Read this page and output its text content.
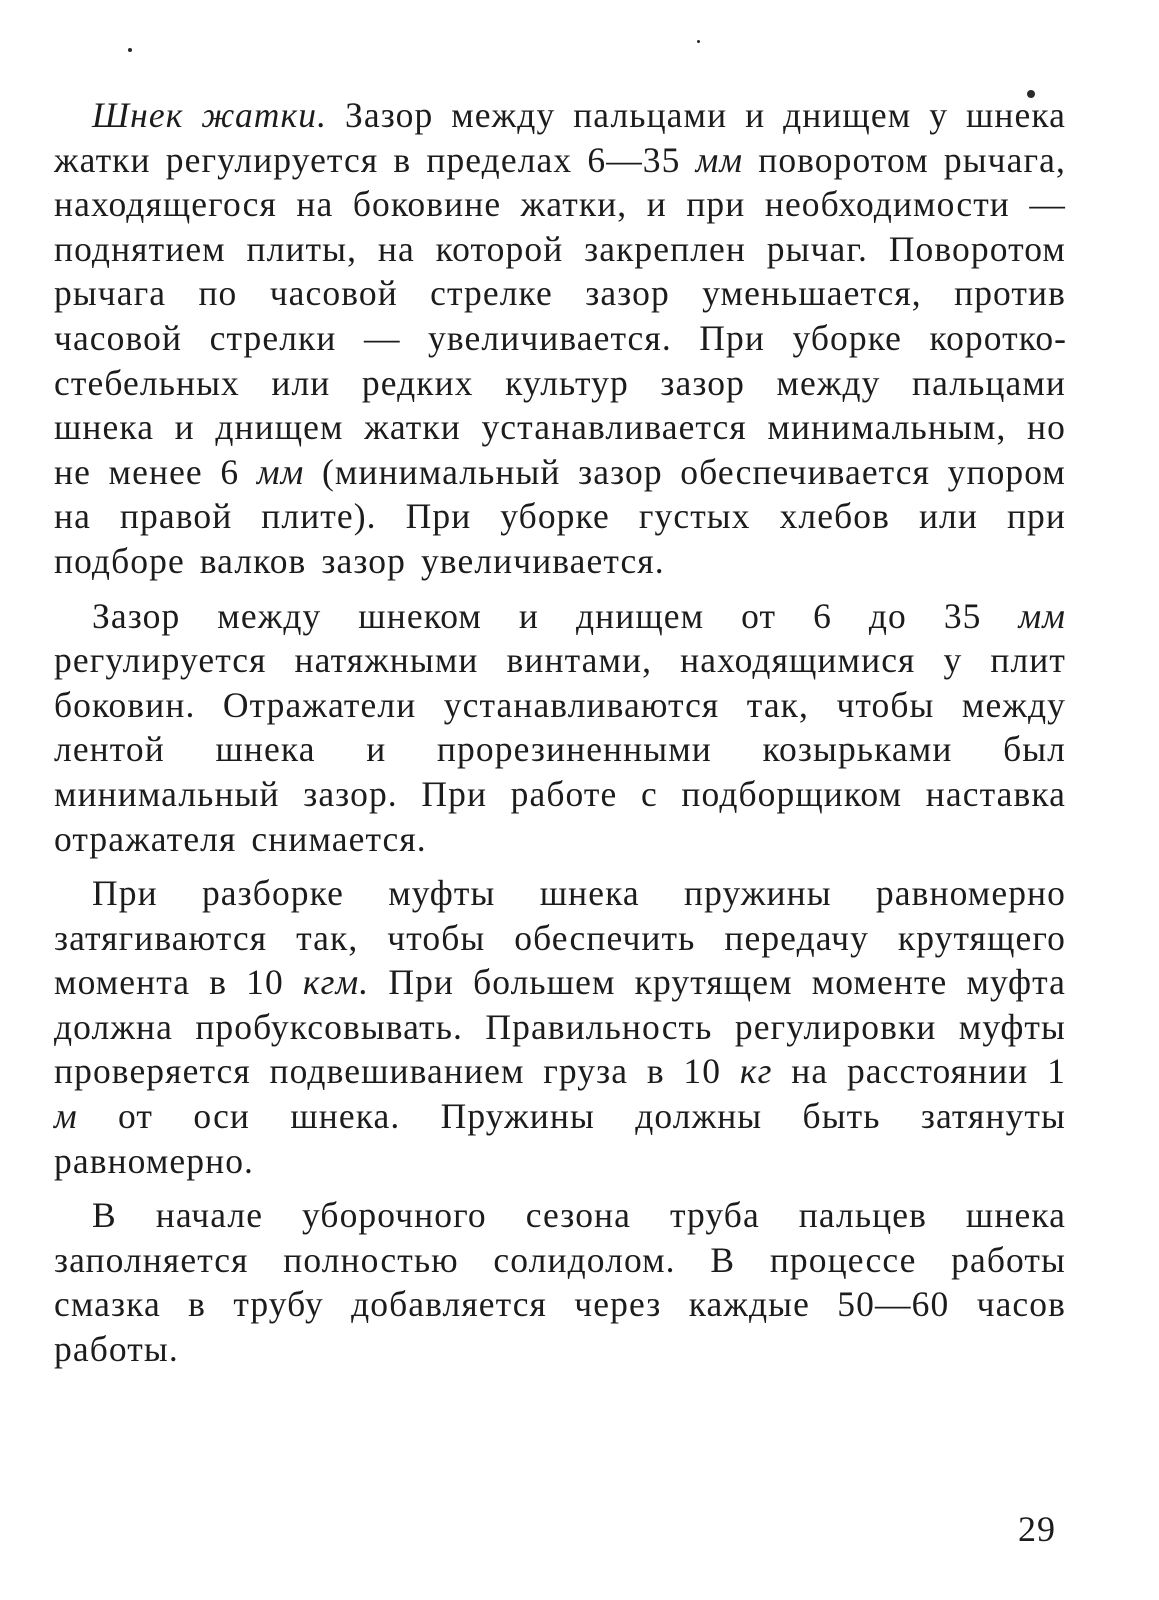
Шнек жатки. Зазор между пальцами и днищем у шнека жатки регулируется в пределах 6—35 мм поворотом рычага, находящегося на боковине жатки, и при необходимости — поднятием плиты, на которой закреплен рычаг. Поворотом рычага по часовой стрелке зазор уменьшается, против часовой стрелки — увеличивается. При уборке короткостебельных или редких культур зазор между пальцами шнека и днищем жатки устанавливается минимальным, но не менее 6 мм (минимальный зазор обеспечивается упором на правой плите). При уборке густых хлебов или при подборе валков зазор увеличивается.

Зазор между шнеком и днищем от 6 до 35 мм регулируется натяжными винтами, находящимися у плит боковин. Отражатели устанавливаются так, чтобы между лентой шнека и прорезиненными козырьками был минимальный зазор. При работе с подборщиком наставка отражателя снимается.

При разборке муфты шнека пружины равномерно затягиваются так, чтобы обеспечить передачу крутящего момента в 10 кгм. При большем крутящем моменте муфта должна пробуксовывать. Правильность регулировки муфты проверяется подвешиванием груза в 10 кг на расстоянии 1 м от оси шнека. Пружины должны быть затянуты равномерно.

В начале уборочного сезона труба пальцев шнека заполняется полностью солидолом. В процессе работы смазка в трубу добавляется через каждые 50—60 часов работы.

29
